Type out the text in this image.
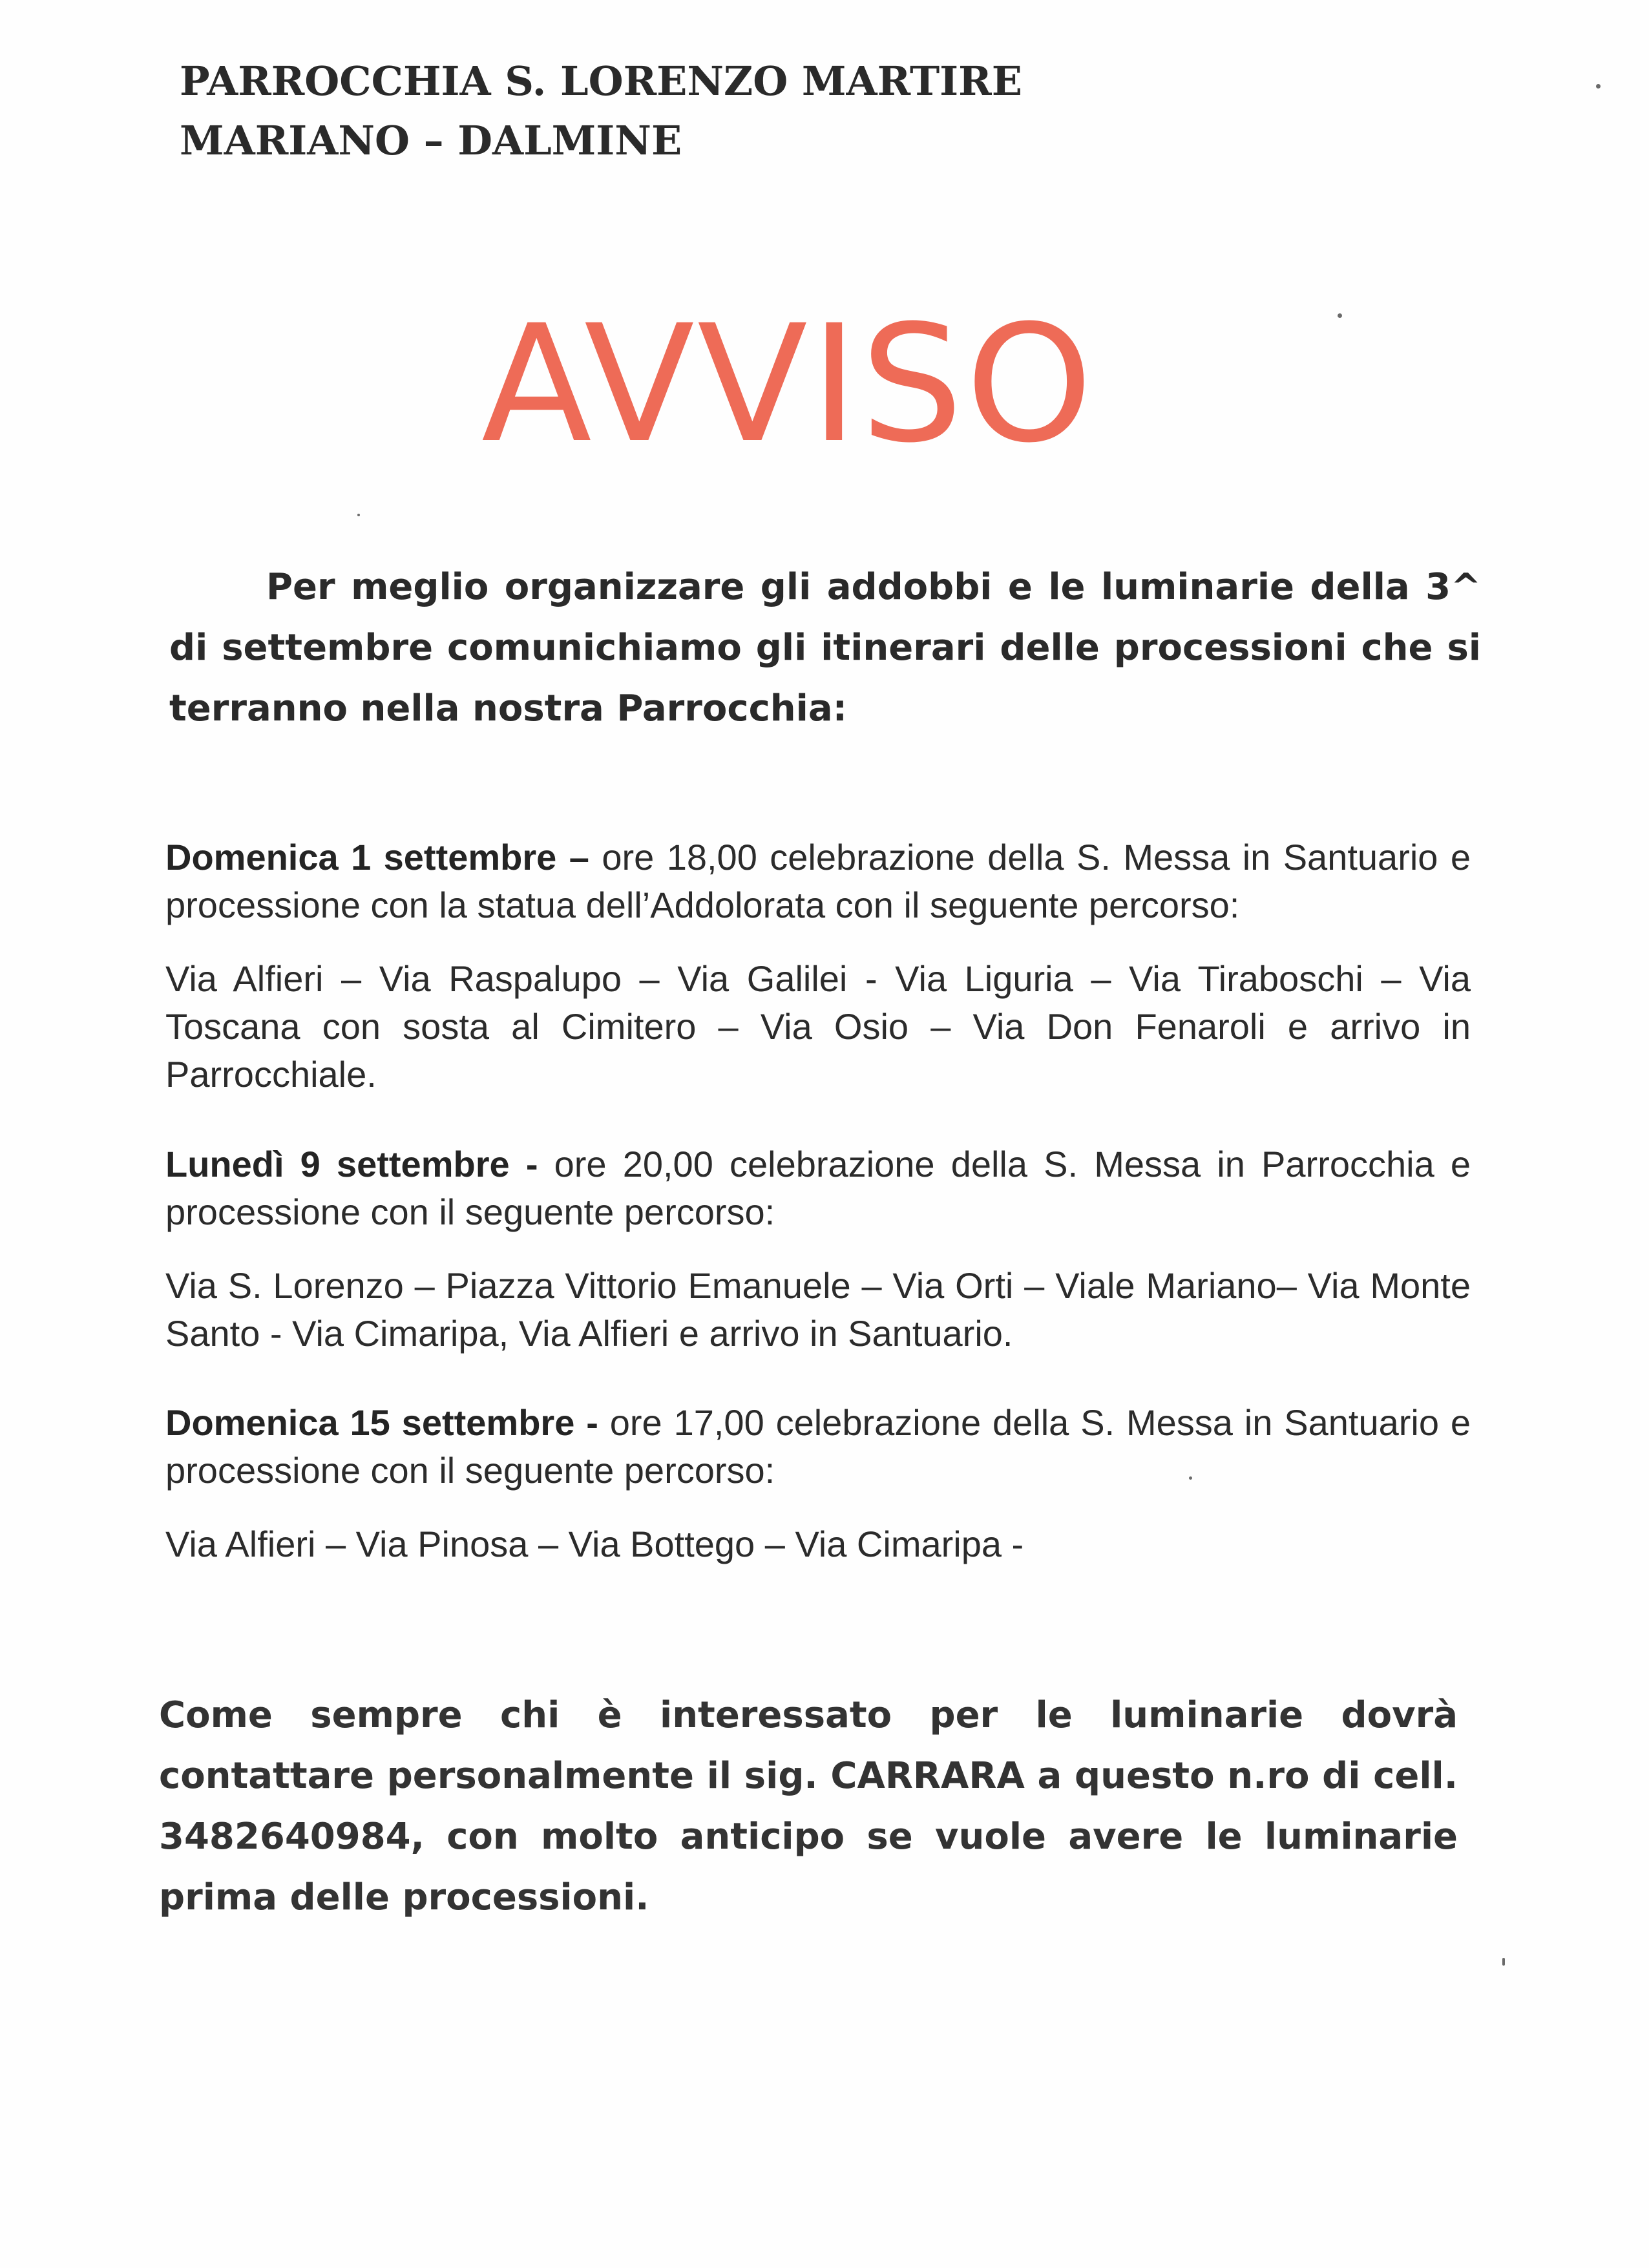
PARROCCHIA S. LORENZO MARTIRE
MARIANO – DALMINE
AVVISO
Per meglio organizzare gli addobbi e le luminarie della 3^ di settembre comunichiamo gli itinerari delle processioni che si terranno nella nostra Parrocchia:
Domenica 1 settembre – ore 18,00 celebrazione della S. Messa in Santuario e processione con la statua dell’Addolorata con il seguente percorso:
Via Alfieri – Via Raspalupo – Via Galilei - Via Liguria – Via Tiraboschi – Via Toscana con sosta al Cimitero – Via Osio – Via Don Fenaroli e arrivo in Parrocchiale.
Lunedì 9 settembre - ore 20,00 celebrazione della S. Messa in Parrocchia e processione con il seguente percorso:
Via S. Lorenzo – Piazza Vittorio Emanuele – Via Orti – Viale Mariano– Via Monte Santo - Via Cimaripa, Via Alfieri e arrivo in Santuario.
Domenica 15 settembre - ore 17,00 celebrazione della S. Messa in Santuario e processione con il seguente percorso:
Via Alfieri – Via Pinosa – Via Bottego – Via Cimaripa -
Come sempre chi è interessato per le luminarie dovrà contattare personalmente il sig. CARRARA a questo n.ro di cell. 3482640984, con molto anticipo se vuole avere le luminarie prima delle processioni.
